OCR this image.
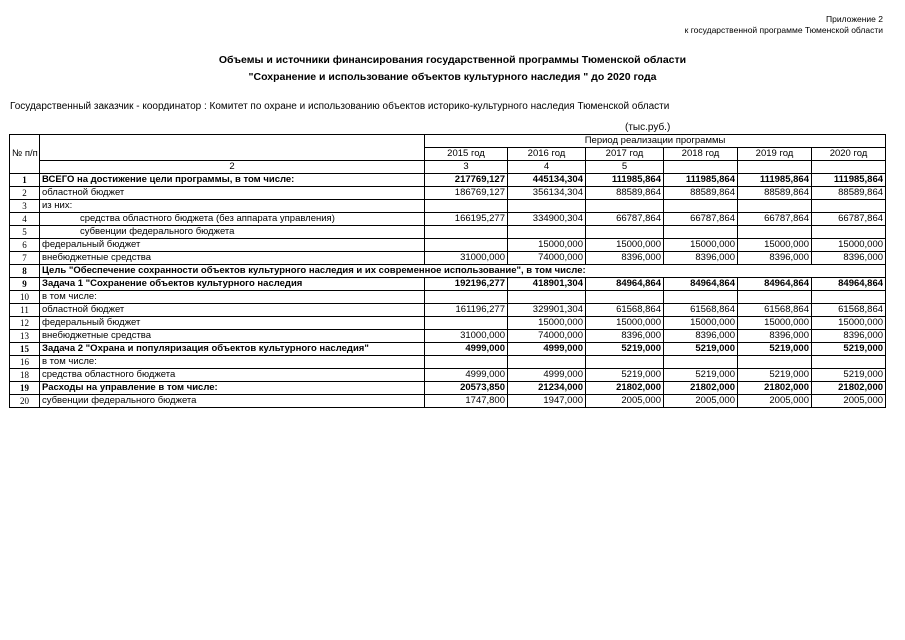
Приложение 2
к государственной программе Тюменской области
Объемы и источники финансирования государственной программы Тюменской области
"Сохранение и использование объектов культурного наследия " до 2020 года
Государственный заказчик - координатор : Комитет по охране и использованию объектов историко-культурного наследия Тюменской области
(тыс.руб.)
№ п/п		Период реализации программы					
		2015 год	2016 год	2017 год	2018 год	2019 год	2020 год
	2	3	4	5			
1	ВСЕГО на достижение цели программы, в том числе:	217769,127	445134,304	111985,864	111985,864	111985,864	111985,864
2	областной бюджет	186769,127	356134,304	88589,864	88589,864	88589,864	88589,864
3	из них:						
4	средства областного бюджета (без аппарата управления)	166195,277	334900,304	66787,864	66787,864	66787,864	66787,864
5	субвенции федерального бюджета						
6	федеральный бюджет		15000,000	15000,000	15000,000	15000,000	15000,000
7	внебюджетные средства	31000,000	74000,000	8396,000	8396,000	8396,000	8396,000
8	Цель "Обеспечение сохранности объектов культурного наследия и их современное использование", в том числе:						
9	Задача 1 "Сохранение объектов культурного наследия	192196,277	418901,304	84964,864	84964,864	84964,864	84964,864
10	в том числе:						
11	областной бюджет	161196,277	329901,304	61568,864	61568,864	61568,864	61568,864
12	федеральный бюджет		15000,000	15000,000	15000,000	15000,000	15000,000
13	внебюджетные средства	31000,000	74000,000	8396,000	8396,000	8396,000	8396,000
15	Задача 2 "Охрана и популяризация объектов культурного наследия"	4999,000	4999,000	5219,000	5219,000	5219,000	5219,000
16	в том числе:						
18	средства областного бюджета	4999,000	4999,000	5219,000	5219,000	5219,000	5219,000
19	Расходы на управление в том числе:	20573,850	21234,000	21802,000	21802,000	21802,000	21802,000
20	субвенции федерального бюджета	1747,800	1947,000	2005,000	2005,000	2005,000	2005,000
